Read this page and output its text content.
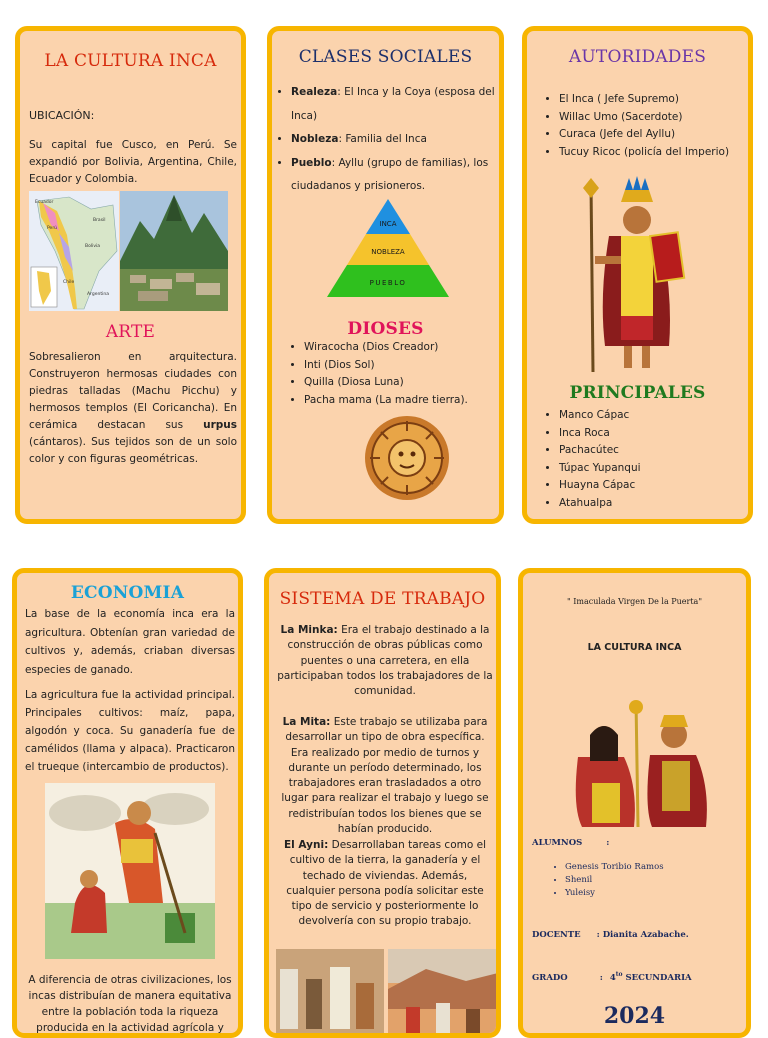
LA CULTURA INCA
UBICACIÓN:
Su capital fue Cusco, en Perú. Se expandió por Bolivia, Argentina, Chile, Ecuador y Colombia.
Ecuador
Brasil
Perú
Bolivia
Chile
Argentina
ARTE
Sobresalieron en arquitectura. Construyeron hermosas ciudades con piedras talladas (Machu Picchu) y hermosos templos (El Coricancha). En cerámica destacan sus urpus (cántaros). Sus tejidos son de un solo color y con figuras geométricas.
CLASES SOCIALES
• Realeza: El Inca y la Coya (esposa del Inca)
• Nobleza: Familia del Inca
• Pueblo: Ayllu (grupo de familias), los ciudadanos y prisioneros.
INCA
NOBLEZA
PUEBLO
DIOSES
• Wiracocha (Dios Creador)
• Inti (Dios Sol)
• Quilla (Diosa Luna)
• Pacha mama (La madre tierra).
AUTORIDADES
• El Inca ( Jefe Supremo)
• Willac Umo (Sacerdote)
• Curaca (Jefe del Ayllu)
• Tucuy Ricoc (policía del Imperio)
PRINCIPALES
• Manco Cápac
• Inca Roca
• Pachacútec
• Túpac Yupanqui
• Huayna Cápac
• Atahualpa
ECONOMIA
La base de la economía inca era la agricultura. Obtenían gran variedad de cultivos y, además, criaban diversas especies de ganado.
La agricultura fue la actividad principal. Principales cultivos: maíz, papa, algodón y coca. Su ganadería fue de camélidos (llama y alpaca). Practicaron el trueque (intercambio de productos).
A diferencia de otras civilizaciones, los incas distribuían de manera equitativa entre la población toda la riqueza producida en la actividad agrícola y
SISTEMA DE TRABAJO
La Minka: Era el trabajo destinado a la construcción de obras públicas como puentes o una carretera, en ella participaban todos los trabajadores de la comunidad.
La Mita: Este trabajo se utilizaba para desarrollar un tipo de obra específica. Era realizado por medio de turnos y durante un período determinado, los trabajadores eran trasladados a otro lugar para realizar el trabajo y luego se redistribuían todos los bienes que se habían producido.
El Ayni: Desarrollaban tareas como el cultivo de la tierra, la ganadería y el techado de viviendas. Además, cualquier persona podía solicitar este tipo de servicio y posteriormente lo devolvería con su propio trabajo.
" Imaculada Virgen De la Puerta"
LA CULTURA INCA
ALUMNOS	:
• Genesis Toribio Ramos
• Shenil
• Yuleisy
DOCENTE : Dianita Azabache.
GRADO	: $4^{to}$ SECUNDARIA
2024
